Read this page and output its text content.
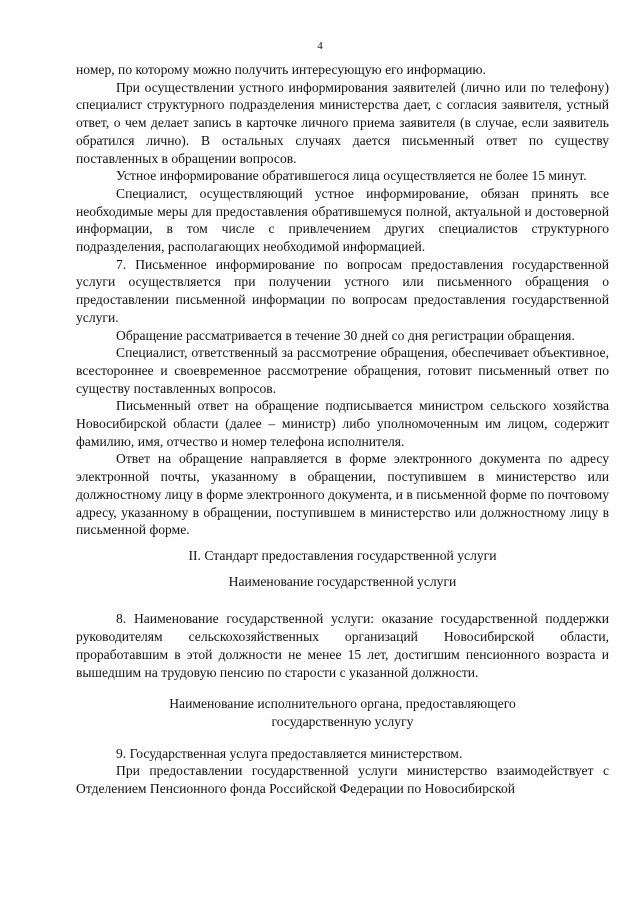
4

номер, по которому можно получить интересующую его информацию.

При осуществлении устного информирования заявителей (лично или по телефону) специалист структурного подразделения министерства дает, с согласия заявителя, устный ответ, о чем делает запись в карточке личного приема заявителя (в случае, если заявитель обратился лично). В остальных случаях дается письменный ответ по существу поставленных в обращении вопросов.

Устное информирование обратившегося лица осуществляется не более 15 минут.

Специалист, осуществляющий устное информирование, обязан принять все необходимые меры для предоставления обратившемуся полной, актуальной и достоверной информации, в том числе с привлечением других специалистов структурного подразделения, располагающих необходимой информацией.

7. Письменное информирование по вопросам предоставления государственной услуги осуществляется при получении устного или письменного обращения о предоставлении письменной информации по вопросам предоставления государственной услуги.

Обращение рассматривается в течение 30 дней со дня регистрации обращения.

Специалист, ответственный за рассмотрение обращения, обеспечивает объективное, всестороннее и своевременное рассмотрение обращения, готовит письменный ответ по существу поставленных вопросов.

Письменный ответ на обращение подписывается министром сельского хозяйства Новосибирской области (далее – министр) либо уполномоченным им лицом, содержит фамилию, имя, отчество и номер телефона исполнителя.

Ответ на обращение направляется в форме электронного документа по адресу электронной почты, указанному в обращении, поступившем в министерство или должностному лицу в форме электронного документа, и в письменной форме по почтовому адресу, указанному в обращении, поступившем в министерство или должностному лицу в письменной форме.

II. Стандарт предоставления государственной услуги

Наименование государственной услуги

8. Наименование государственной услуги: оказание государственной поддержки руководителям сельскохозяйственных организаций Новосибирской области, проработавшим в этой должности не менее 15 лет, достигшим пенсионного возраста и вышедшим на трудовую пенсию по старости с указанной должности.

Наименование исполнительного органа, предоставляющего

государственную услугу

9. Государственная услуга предоставляется министерством.

При предоставлении государственной услуги министерство взаимодействует с Отделением Пенсионного фонда Российской Федерации по Новосибирской
